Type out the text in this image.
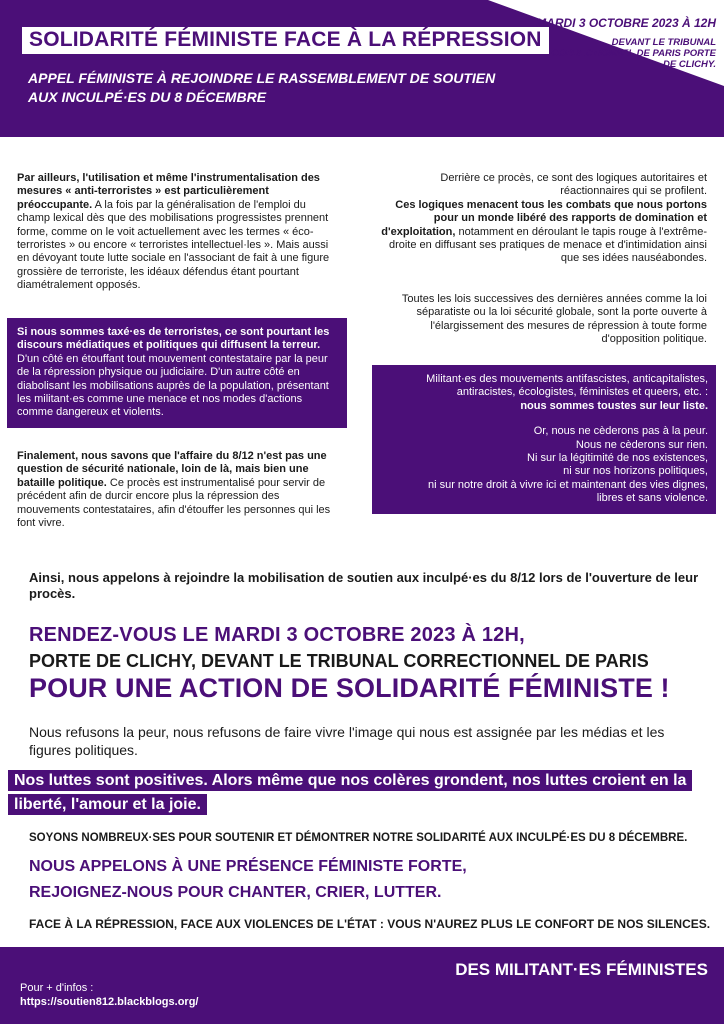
SOLIDARITÉ FÉMINISTE FACE À LA RÉPRESSION
APPEL FÉMINISTE À REJOINDRE LE RASSEMBLEMENT DE SOUTIEN AUX INCULPÉ·ES DU 8 DÉCEMBRE
MARDI 3 OCTOBRE 2023 À 12H
DEVANT LE TRIBUNAL CORRECTIONNEL DE PARIS PORTE DE CLICHY.
Par ailleurs, l'utilisation et même l'instrumentalisation des mesures « anti-terroristes » est particulièrement préoccupante. A la fois par la généralisation de l'emploi du champ lexical dès que des mobilisations progressistes prennent forme, comme on le voit actuellement avec les termes « éco-terroristes » ou encore « terroristes intellectuel·les ». Mais aussi en dévoyant toute lutte sociale en l'associant de fait à une figure grossière de terroriste, les idéaux défendus étant pourtant diamétralement opposés.
Si nous sommes taxé·es de terroristes, ce sont pourtant les discours médiatiques et politiques qui diffusent la terreur. D'un côté en étouffant tout mouvement contestataire par la peur de la répression physique ou judiciaire. D'un autre côté en diabolisant les mobilisations auprès de la population, présentant les militant·es comme une menace et nos modes d'actions comme dangereux et violents.
Finalement, nous savons que l'affaire du 8/12 n'est pas une question de sécurité nationale, loin de là, mais bien une bataille politique. Ce procès est instrumentalisé pour servir de précédent afin de durcir encore plus la répression des mouvements contestataires, afin d'étouffer les personnes qui les font vivre.
Derrière ce procès, ce sont des logiques autoritaires et réactionnaires qui se profilent.
Ces logiques menacent tous les combats que nous portons pour un monde libéré des rapports de domination et d'exploitation, notamment en déroulant le tapis rouge à l'extrême-droite en diffusant ses pratiques de menace et d'intimidation ainsi que ses idées nauséabondes.
Toutes les lois successives des dernières années comme la loi séparatiste ou la loi sécurité globale, sont la porte ouverte à l'élargissement des mesures de répression à toute forme d'opposition politique.

Militant·es des mouvements antifascistes, anticapitalistes, antiracistes, écologistes, féministes et queers, etc. :
nous sommes toustes sur leur liste.

Or, nous ne cèderons pas à la peur.

Nous ne cèderons sur rien.

Ni sur la légitimité de nos existences,

ni sur nos horizons politiques,

ni sur notre droit à vivre ici et maintenant des vies dignes,

libres et sans violence.

Ainsi, nous appelons à rejoindre la mobilisation de soutien aux inculpé·es du 8/12 lors de l'ouverture de leur procès.
RENDEZ-VOUS LE MARDI 3 OCTOBRE 2023 À 12H,
PORTE DE CLICHY, DEVANT LE TRIBUNAL CORRECTIONNEL DE PARIS
POUR UNE ACTION DE SOLIDARITÉ FÉMINISTE !
Nous refusons la peur, nous refusons de faire vivre l'image qui nous est assignée par les médias et les figures politiques.
Nos luttes sont positives. Alors même que nos colères grondent, nos luttes croient en la liberté, l'amour et la joie.
SOYONS NOMBREUX·SES POUR SOUTENIR ET DÉMONTRER NOTRE SOLIDARITÉ AUX INCULPÉ·ES DU 8 DÉCEMBRE.
NOUS APPELONS À UNE PRÉSENCE FÉMINISTE FORTE,
REJOIGNEZ-NOUS POUR CHANTER, CRIER, LUTTER.
FACE À LA RÉPRESSION, FACE AUX VIOLENCES DE L'ÉTAT : VOUS N'AUREZ PLUS LE CONFORT DE NOS SILENCES.
Pour + d'infos :
https://soutien812.blackblogs.org/
DES MILITANT·ES FÉMINISTES
